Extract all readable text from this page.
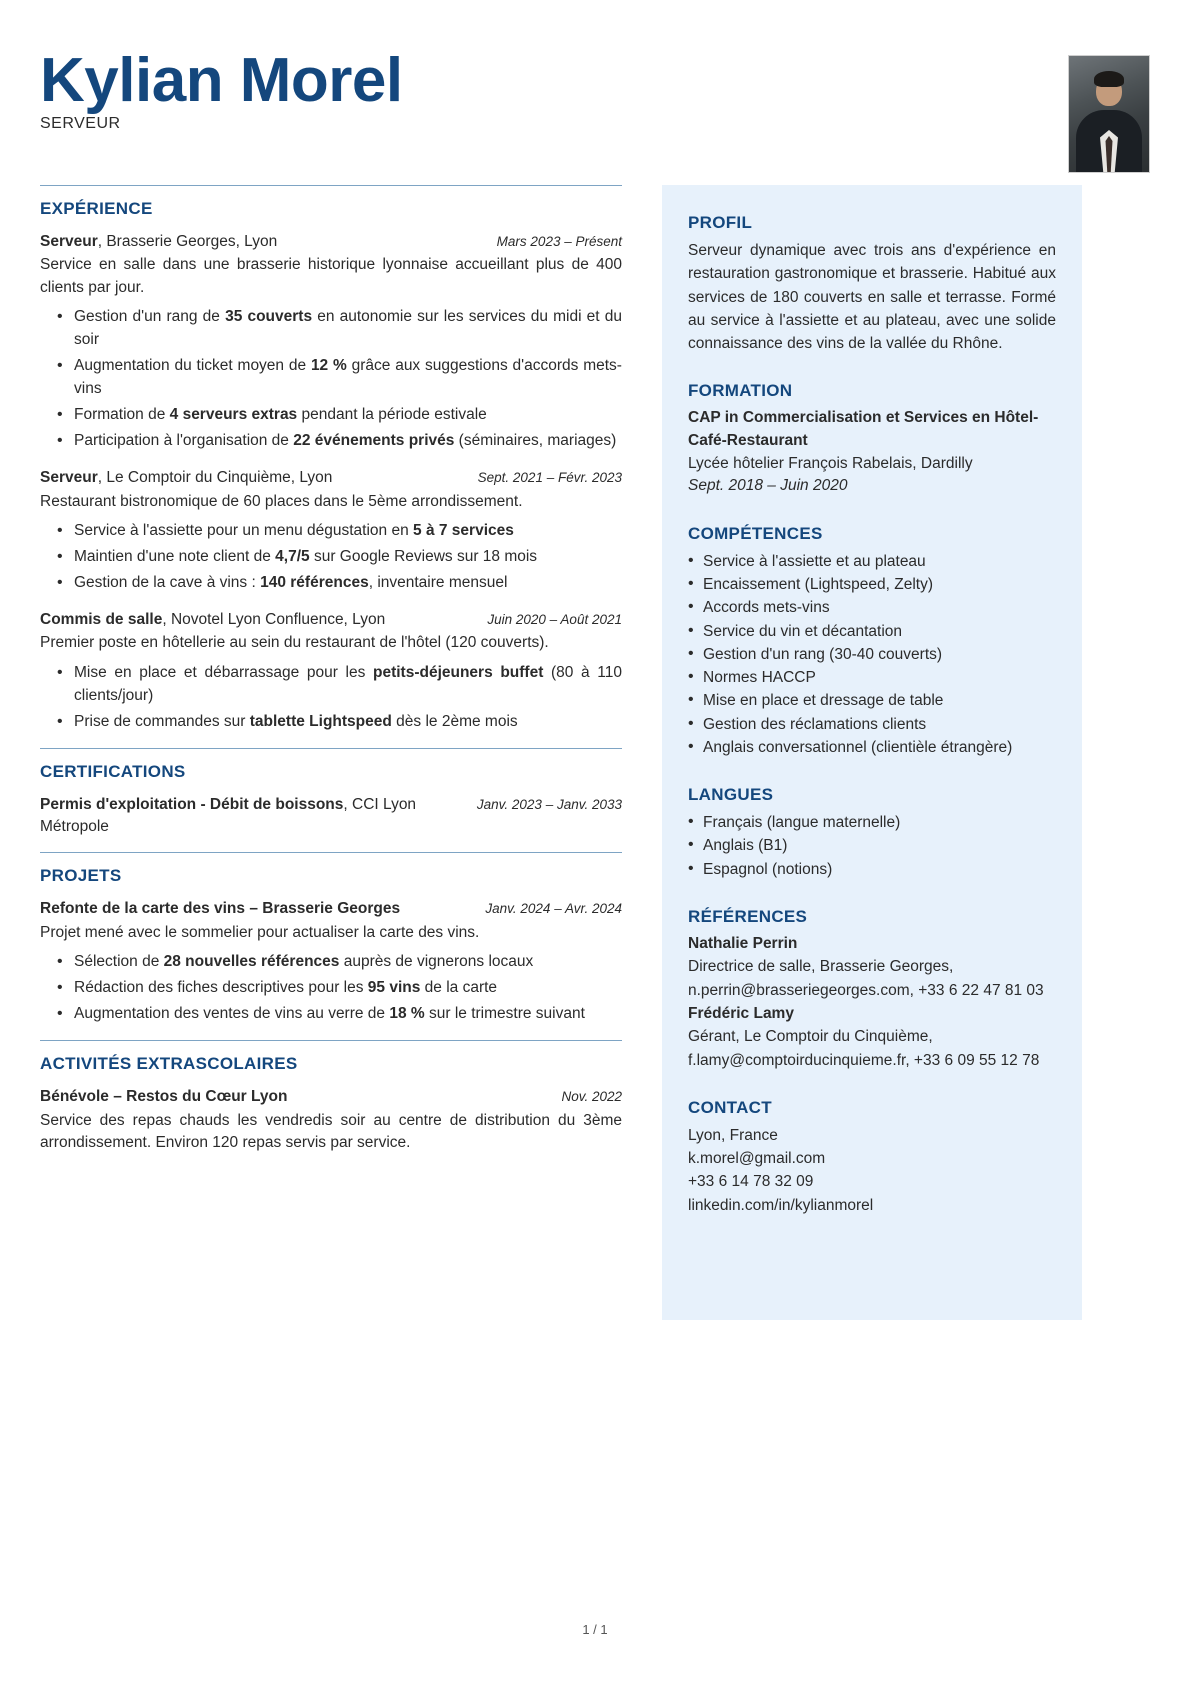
Kylian Morel
SERVEUR
EXPÉRIENCE
Serveur, Brasserie Georges, Lyon	Mars 2023 – Présent
Service en salle dans une brasserie historique lyonnaise accueillant plus de 400 clients par jour.
• Gestion d'un rang de 35 couverts en autonomie sur les services du midi et du soir
• Augmentation du ticket moyen de 12 % grâce aux suggestions d'accords mets-vins
• Formation de 4 serveurs extras pendant la période estivale
• Participation à l'organisation de 22 événements privés (séminaires, mariages)
Serveur, Le Comptoir du Cinquième, Lyon	Sept. 2021 – Févr. 2023
Restaurant bistronomique de 60 places dans le 5ème arrondissement.
• Service à l'assiette pour un menu dégustation en 5 à 7 services
• Maintien d'une note client de 4,7/5 sur Google Reviews sur 18 mois
• Gestion de la cave à vins : 140 références, inventaire mensuel
Commis de salle, Novotel Lyon Confluence, Lyon	Juin 2020 – Août 2021
Premier poste en hôtellerie au sein du restaurant de l'hôtel (120 couverts).
• Mise en place et débarrassage pour les petits-déjeuners buffet (80 à 110 clients/jour)
• Prise de commandes sur tablette Lightspeed dès le 2ème mois
CERTIFICATIONS
Permis d'exploitation - Débit de boissons, CCI Lyon Métropole
Janv. 2023 – Janv. 2033
PROJETS
Refonte de la carte des vins – Brasserie Georges	Janv. 2024 – Avr. 2024
Projet mené avec le sommelier pour actualiser la carte des vins.
• Sélection de 28 nouvelles références auprès de vignerons locaux
• Rédaction des fiches descriptives pour les 95 vins de la carte
• Augmentation des ventes de vins au verre de 18 % sur le trimestre suivant
ACTIVITÉS EXTRASCOLAIRES
Bénévole – Restos du Cœur Lyon	Nov. 2022
Service des repas chauds les vendredis soir au centre de distribution du 3ème arrondissement. Environ 120 repas servis par service.
PROFIL
Serveur dynamique avec trois ans d'expérience en restauration gastronomique et brasserie. Habitué aux services de 180 couverts en salle et terrasse. Formé au service à l'assiette et au plateau, avec une solide connaissance des vins de la vallée du Rhône.
FORMATION
CAP in Commercialisation et Services en Hôtel-Café-Restaurant
Lycée hôtelier François Rabelais, Dardilly
Sept. 2018 – Juin 2020
COMPÉTENCES
• Service à l'assiette et au plateau
• Encaissement (Lightspeed, Zelty)
• Accords mets-vins
• Service du vin et décantation
• Gestion d'un rang (30-40 couverts)
• Normes HACCP
• Mise en place et dressage de table
• Gestion des réclamations clients
• Anglais conversationnel (clientièle étrangère)
LANGUES
• Français (langue maternelle)
• Anglais (B1)
• Espagnol (notions)
RÉFÉRENCES
Nathalie Perrin
Directrice de salle, Brasserie Georges, n.perrin@brasseriegeorges.com, +33 6 22 47 81 03
Frédéric Lamy
Gérant, Le Comptoir du Cinquième, f.lamy@comptoirducinquieme.fr, +33 6 09 55 12 78
CONTACT
Lyon, France
k.morel@gmail.com
+33 6 14 78 32 09
linkedin.com/in/kylianmorel
1 / 1
